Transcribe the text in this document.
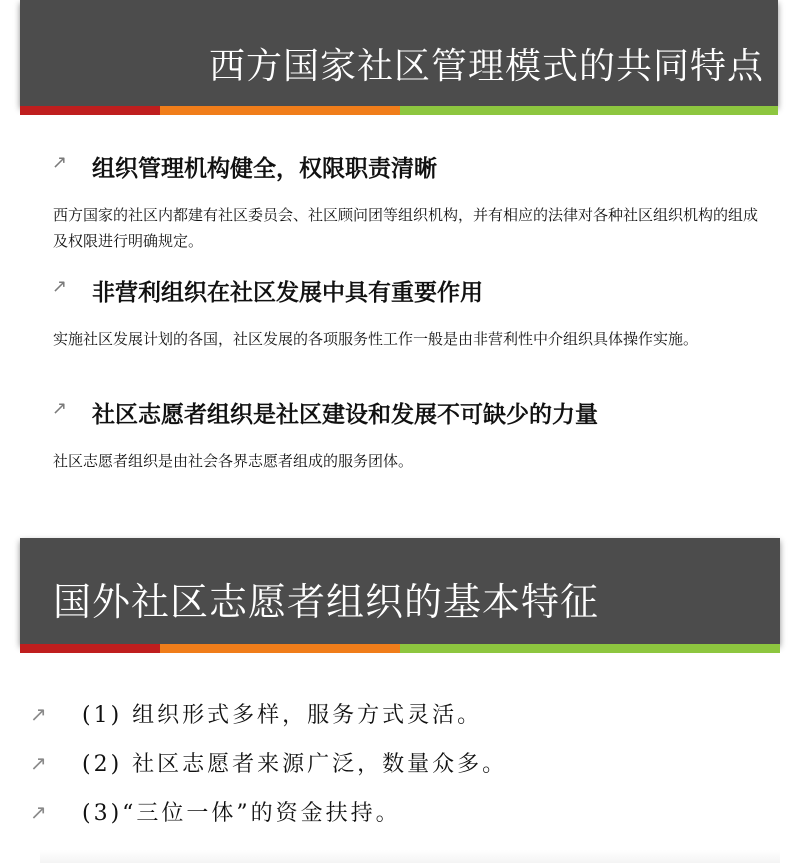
西方国家社区管理模式的共同特点
↗ 组织管理机构健全，权限职责清晰
西方国家的社区内都建有社区委员会、社区顾问团等组织机构，并有相应的法律对各种社区组织机构的组成及权限进行明确规定。
↗ 非营利组织在社区发展中具有重要作用
实施社区发展计划的各国，社区发展的各项服务性工作一般是由非营利性中介组织具体操作实施。
↗ 社区志愿者组织是社区建设和发展不可缺少的力量
社区志愿者组织是由社会各界志愿者组成的服务团体。
国外社区志愿者组织的基本特征
↗ (1) 组织形式多样，服务方式灵活。
↗ (2) 社区志愿者来源广泛，数量众多。
↗ (3)“三位一体”的资金扶持。
